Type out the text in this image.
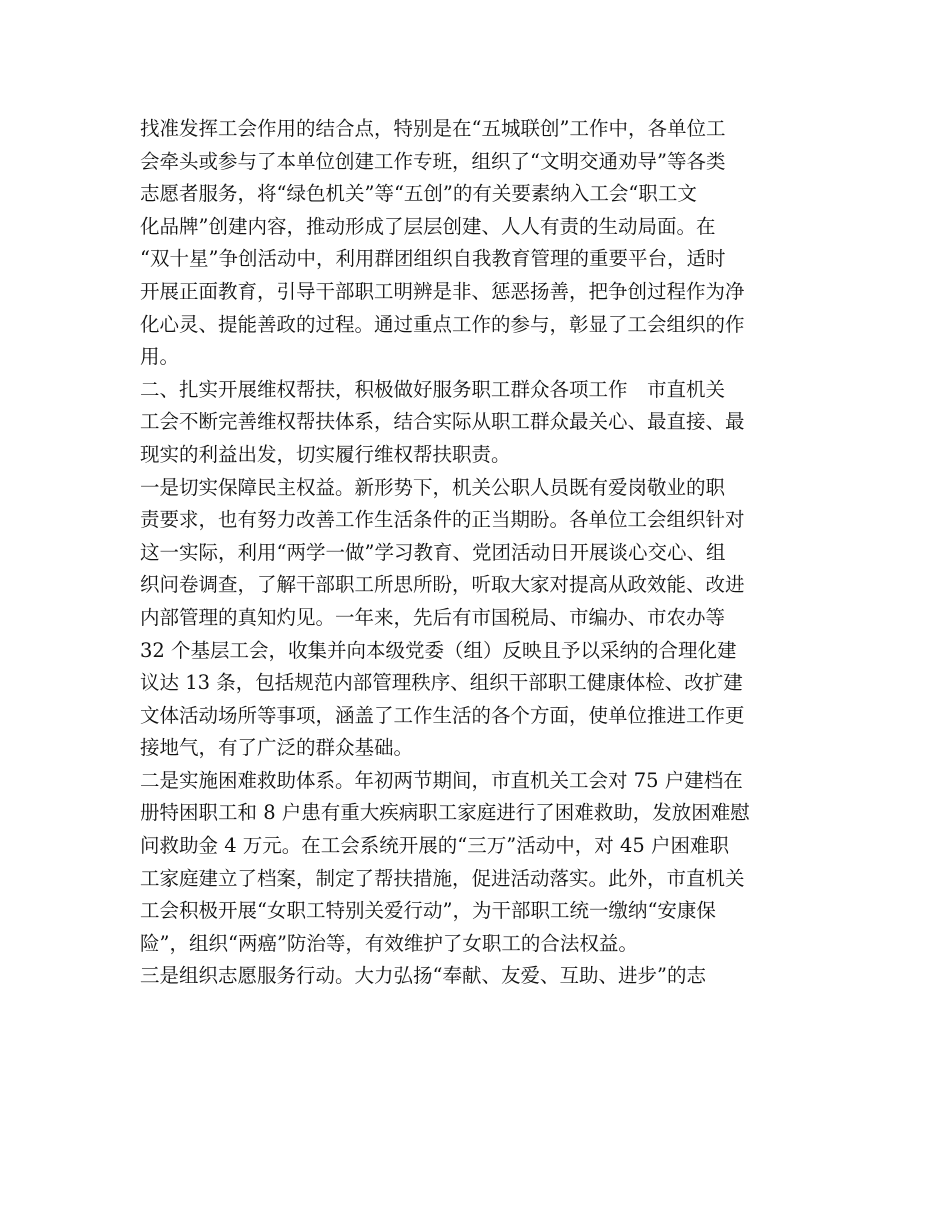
找准发挥工会作用的结合点，特别是在“五城联创”工作中，各单位工
会牵头或参与了本单位创建工作专班，组织了“文明交通劝导”等各类
志愿者服务，将“绿色机关”等“五创”的有关要素纳入工会“职工文
化品牌”创建内容，推动形成了层层创建、人人有责的生动局面。在
“双十星”争创活动中，利用群团组织自我教育管理的重要平台，适时
开展正面教育，引导干部职工明辨是非、惩恶扬善，把争创过程作为净
化心灵、提能善政的过程。通过重点工作的参与，彰显了工会组织的作
用。
二、扎实开展维权帮扶，积极做好服务职工群众各项工作　市直机关
工会不断完善维权帮扶体系，结合实际从职工群众最关心、最直接、最
现实的利益出发，切实履行维权帮扶职责。
一是切实保障民主权益。新形势下，机关公职人员既有爱岗敬业的职
责要求，也有努力改善工作生活条件的正当期盼。各单位工会组织针对
这一实际，利用“两学一做”学习教育、党团活动日开展谈心交心、组
织问卷调查，了解干部职工所思所盼，听取大家对提高从政效能、改进
内部管理的真知灼见。一年来，先后有市国税局、市编办、市农办等
32 个基层工会，收集并向本级党委（组）反映且予以采纳的合理化建
议达 13 条，包括规范内部管理秩序、组织干部职工健康体检、改扩建
文体活动场所等事项，涵盖了工作生活的各个方面，使单位推进工作更
接地气，有了广泛的群众基础。
二是实施困难救助体系。年初两节期间，市直机关工会对 75 户建档在
册特困职工和 8 户患有重大疾病职工家庭进行了困难救助，发放困难慰
问救助金 4 万元。在工会系统开展的“三万”活动中，对 45 户困难职
工家庭建立了档案，制定了帮扶措施，促进活动落实。此外，市直机关
工会积极开展“女职工特别关爱行动”，为干部职工统一缴纳“安康保
险”，组织“两癌”防治等，有效维护了女职工的合法权益。
三是组织志愿服务行动。大力弘扬“奉献、友爱、互助、进步”的志
